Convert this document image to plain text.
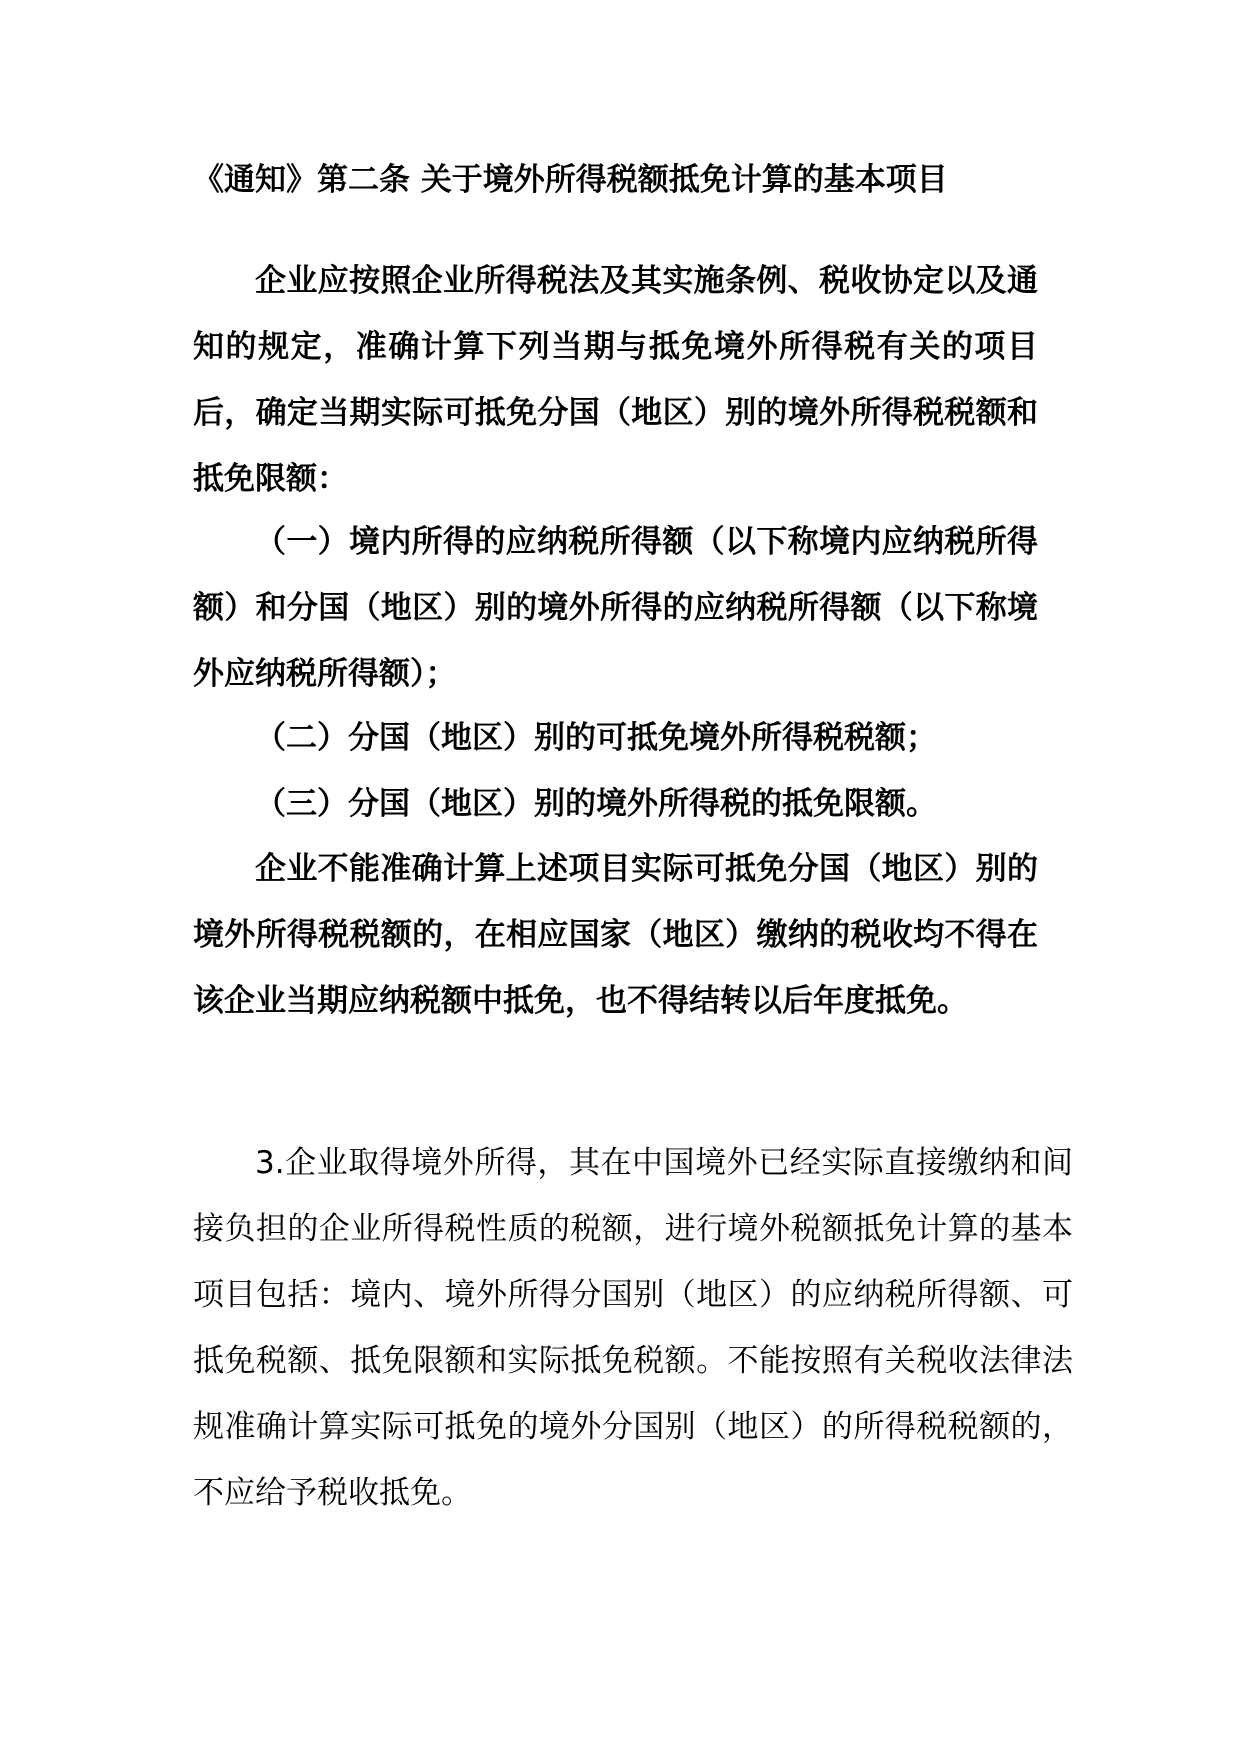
《通知》第二条 关于境外所得税额抵免计算的基本项目

企业应按照企业所得税法及其实施条例、税收协定以及通知的规定，准确计算下列当期与抵免境外所得税有关的项目后，确定当期实际可抵免分国（地区）别的境外所得税税额和抵免限额：

（一）境内所得的应纳税所得额（以下称境内应纳税所得额）和分国（地区）别的境外所得的应纳税所得额（以下称境外应纳税所得额）；

（二）分国（地区）别的可抵免境外所得税税额；

（三）分国（地区）别的境外所得税的抵免限额。

企业不能准确计算上述项目实际可抵免分国（地区）别的境外所得税税额的，在相应国家（地区）缴纳的税收均不得在该企业当期应纳税额中抵免，也不得结转以后年度抵免。

3.企业取得境外所得，其在中国境外已经实际直接缴纳和间接负担的企业所得税性质的税额，进行境外税额抵免计算的基本项目包括：境内、境外所得分国别（地区）的应纳税所得额、可抵免税额、抵免限额和实际抵免税额。不能按照有关税收法律法规准确计算实际可抵免的境外分国别（地区）的所得税税额的，不应给予税收抵免。
